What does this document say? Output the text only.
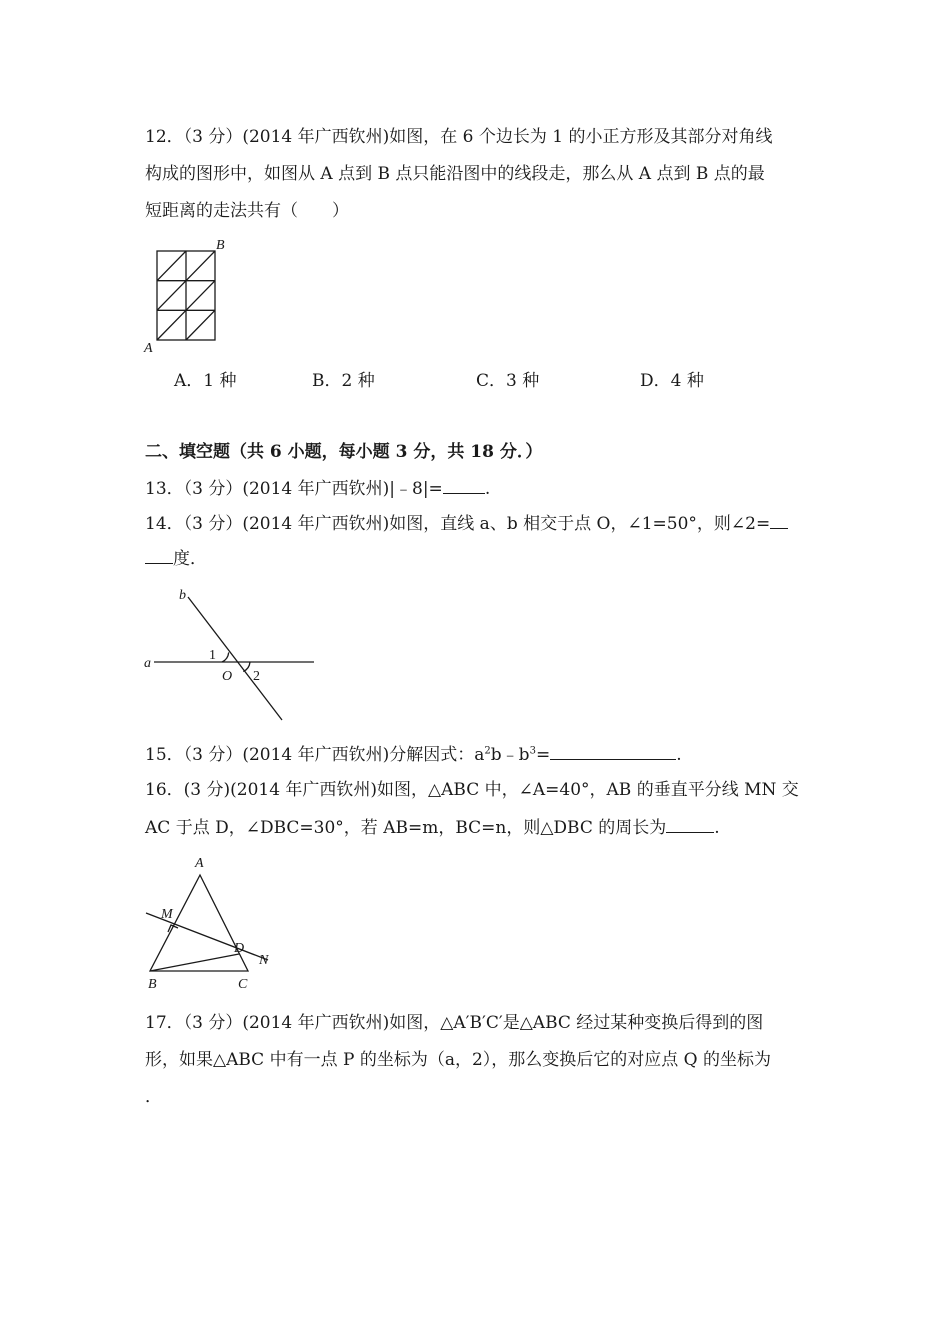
12．（3 分）(2014 年广西钦州)如图，在 6 个边长为 1 的小正方形及其部分对角线
构成的图形中，如图从 A 点到 B 点只能沿图中的线段走，那么从 A 点到 B 点的最
短距离的走法共有（　　）
B
A
A．1 种	B．2 种	C．3 种	D．4 种
二、填空题（共 6 小题，每小题 3 分，共 18 分．）
13．（3 分）(2014 年广西钦州)|﹣8|= .
14．（3 分）(2014 年广西钦州)如图，直线 a、b 相交于点 O，∠1=50°，则∠2=
度．
a
b
1
O 2
15．（3 分）(2014 年广西钦州)分解因式：$a^2b﹣b^3=$	.
16．(3 分)(2014 年广西钦州)如图，△ABC 中，∠A=40°，AB 的垂直平分线 MN 交
AC 于点 D，∠DBC=30°，若 AB=m，BC=n，则△DBC 的周长为	.
A
B	C
D
M
N
17．（3 分）(2014 年广西钦州)如图，△A′B′C′是△ABC 经过某种变换后得到的图
形，如果△ABC 中有一点 P 的坐标为（a，2），那么变换后它的对应点 Q 的坐标为
．
